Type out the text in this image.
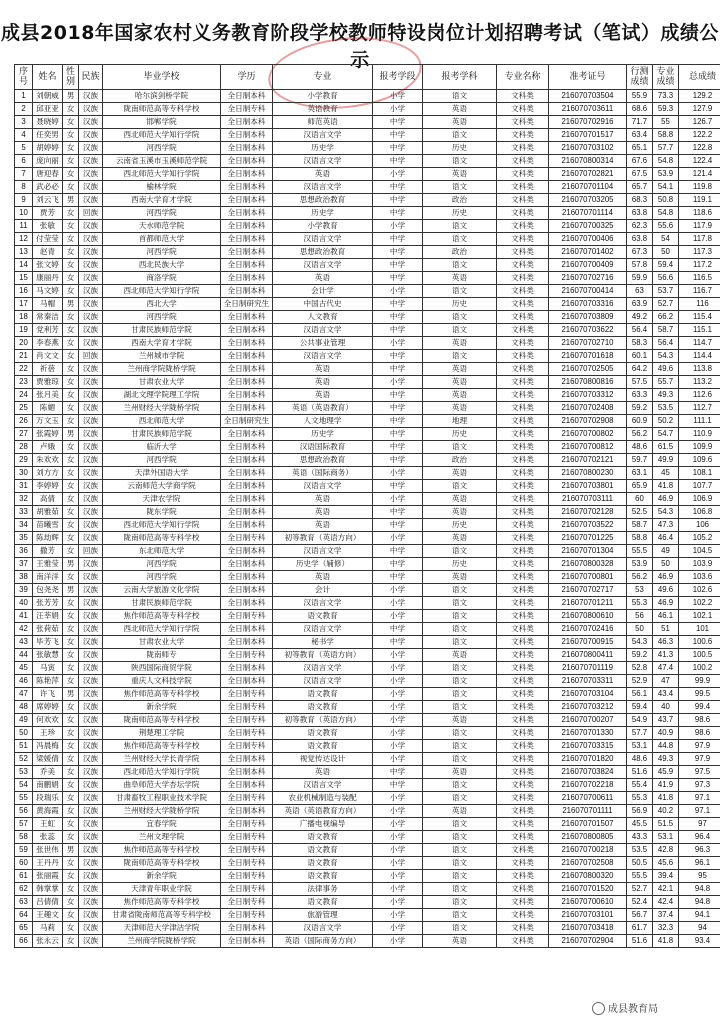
成县2018年国家农村义务教育阶段学校教师特设岗位计划招聘考试（笔试）成绩公示
序号	姓名	性别	民族	毕业学校	学历	专业	报考学段	报考学科	专业名称	准考证号	行测成绩	专业成绩	总成绩
1	刘朝威	男	汉族	哈尔滨剑桥学院	全日制本科	小学教育	小学	语文	文科类	216070703504	55.9	73.3	129.2
2	邱亚亚	女	汉族	陇南师范高等专科学校	全日制专科	英语教育	小学	英语	文科类	216070703611	68.6	59.3	127.9
3	聂晓婷	女	汉族	邯郸学院	全日制本科	师范英语	中学	英语	文科类	216070702916	71.7	55	126.7
4	任奕男	女	汉族	西北师范大学知行学院	全日制本科	汉语言文学	中学	语文	文科类	216070701517	63.4	58.8	122.2
5	胡婷婷	女	汉族	河西学院	全日制本科	历史学	中学	历史	文科类	216070703102	65.1	57.7	122.8
6	庞向丽	女	汉族	云南省玉溪市玉溪师范学院	全日制本科	汉语言文学	中学	语文	文科类	216070800314	67.6	54.8	122.4
7	唐迎春	女	汉族	西北师范大学知行学院	全日制本科	英语	小学	英语	文科类	216070702821	67.5	53.9	121.4
8	武必必	女	汉族	榆林学院	全日制本科	汉语言文学	中学	语文	文科类	216070701104	65.7	54.1	119.8
9	刘云飞	男	汉族	西南大学育才学院	全日制本科	思想政治教育	中学	政治	文科类	216070703205	68.3	50.8	119.1
10	贾芳	女	回族	河西学院	全日制本科	历史学	中学	历史	文科类	216070701114	63.8	54.8	118.6
11	张敏	女	汉族	天水师范学院	全日制本科	小学教育	小学	语文	文科类	216070700325	62.3	55.6	117.9
12	付莹莹	女	汉族	首都师范大学	全日制本科	汉语言文学	中学	语文	文科类	216070700406	63.8	54	117.8
13	赵青	女	汉族	河西学院	全日制本科	思想政治教育	中学	政治	文科类	216070701402	67.3	50	117.3
14	张文婷	女	汉族	西北民族大学	全日制本科	汉语言文学	中学	语文	文科类	216070700409	57.8	59.4	117.2
15	康丽丹	女	汉族	商洛学院	全日制本科	英语	中学	英语	文科类	216070702716	59.9	56.6	116.5
16	马文婷	女	汉族	西北师范大学知行学院	全日制本科	会计学	小学	语文	文科类	216070700414	63	53.7	116.7
17	马帽	男	汉族	西北大学	全日制研究生	中国古代史	中学	历史	文科类	216070703316	63.9	52.7	116
18	常秦洁	女	汉族	河西学院	全日制本科	人文教育	中学	语文	文科类	216070703809	49.2	66.2	115.4
19	党利芳	女	汉族	甘肃民族师范学院	全日制本科	汉语言文学	中学	语文	文科类	216070703622	56.4	58.7	115.1
20	李春燕	女	汉族	西南大学育才学院	全日制本科	公共事业管理	小学	英语	文科类	216070702710	58.3	56.4	114.7
21	肖文文	女	回族	兰州城市学院	全日制本科	汉语言文学	中学	语文	文科类	216070701618	60.1	54.3	114.4
22	祈蓓	女	汉族	兰州商学院陇桥学院	全日制本科	英语	中学	英语	文科类	216070702505	64.2	49.6	113.8
23	贾雅琼	女	汉族	甘肃农业大学	全日制本科	英语	小学	英语	文科类	216070800816	57.5	55.7	113.2
24	张月美	女	汉族	湖北文理学院理工学院	全日制本科	英语	中学	英语	文科类	216070703312	63.3	49.3	112.6
25	陈媚	女	汉族	兰州财经大学陇桥学院	全日制本科	英语（英语教育）	中学	英语	文科类	216070702408	59.2	53.5	112.7
26	万文玉	女	汉族	西北师范大学	全日制研究生	人文地理学	中学	地理	文科类	216070702908	60.9	50.2	111.1
27	张霞婷	男	汉族	甘肃民族师范学院	全日制本科	历史学	中学	历史	文科类	216070700802	56.2	54.7	110.9
28	卢娥	女	汉族	临沂大学	全日制本科	汉语国际教育	中学	语文	文科类	216070700812	48.6	61.5	109.9
29	朱欢欢	女	汉族	河西学院	全日制本科	思想政治教育	中学	政治	文科类	216070702121	59.7	49.9	109.6
30	刘方方	女	汉族	天津外国语大学	全日制本科	英语（国际商务）	小学	英语	文科类	216070800230	63.1	45	108.1
31	李婷婷	女	汉族	云南师范大学商学院	全日制本科	汉语言文学	中学	语文	文科类	216070703801	65.9	41.8	107.7
32	高倩	女	汉族	天津农学院	全日制本科	英语	小学	英语	文科类	216070703111	60	46.9	106.9
33	胡雅茹	女	汉族	陇东学院	全日制本科	英语	中学	英语	文科类	216070702128	52.5	54.3	106.8
34	苗曦雪	女	汉族	西北师范大学知行学院	全日制本科	英语	中学	历史	文科类	216070703522	58.7	47.3	106
35	陈劫辉	女	汉族	陇南师范高等专科学校	全日制专科	初等教育（英语方向）	小学	英语	文科类	216070701225	58.8	46.4	105.2
36	撒芳	女	回族	东北师范大学	全日制本科	汉语言文学	中学	语文	文科类	216070701304	55.5	49	104.5
37	王雅莹	男	汉族	河西学院	全日制本科	历史学（辅修）	中学	历史	文科类	216070800328	53.9	50	103.9
38	南洋洋	女	汉族	河西学院	全日制本科	英语	中学	英语	文科类	216070700801	56.2	46.9	103.6
39	包尧尧	男	汉族	云南大学旅游文化学院	全日制本科	会计	小学	语文	文科类	216070702717	53	49.6	102.6
40	张芳芳	女	汉族	甘肃民族师范学院	全日制本科	汉语言文学	小学	语文	文科类	216070701211	55.3	46.9	102.2
41	汪莘娟	女	汉族	焦作师范高等专科学校	全日制专科	语文教育	小学	语文	文科类	216070800610	56	46.1	102.1
42	张荷茹	女	汉族	西北师范大学知行学院	全日制本科	汉语言文学	中学	语文	文科类	216070702416	50	51	101
43	毕芳飞	女	汉族	甘肃农业大学	全日制本科	秘书学	中学	语文	文科类	216070700915	54.3	46.3	100.6
44	张敏慧	女	汉族	陇南师专	全日制专科	初等教育（英语方向）	小学	英语	文科类	216070800411	59.2	41.3	100.5
45	马寅	女	汉族	陕西国际商贸学院	全日制本科	汉语言文学	小学	语文	文科类	216070701119	52.8	47.4	100.2
46	陈艳萍	女	汉族	重庆人文科技学院	全日制本科	汉语言文学	小学	语文	文科类	216070703311	52.9	47	99.9
47	许飞	男	汉族	焦作师范高等专科学校	全日制专科	语文教育	小学	语文	文科类	216070703104	56.1	43.4	99.5
48	席婷婷	女	汉族	新余学院	全日制专科	语文教育	小学	语文	文科类	216070703212	59.4	40	99.4
49	何欢欢	女	汉族	陇南师范高等专科学校	全日制专科	初等教育（英语方向）	小学	英语	文科类	216070700207	54.9	43.7	98.6
50	王珍	女	汉族	荆楚理工学院	全日制专科	语文教育	小学	语文	文科类	216070701330	57.7	40.9	98.6
51	冯晨梅	女	汉族	焦作师范高等专科学校	全日制专科	语文教育	小学	语文	文科类	216070703315	53.1	44.8	97.9
52	梁媛倩	女	汉族	兰州财经大学长青学院	全日制本科	视觉传达设计	小学	语文	文科类	216070701820	48.6	49.3	97.9
53	乔美	女	汉族	西北师范大学知行学院	全日制本科	英语	中学	英语	文科类	216070703824	51.6	45.9	97.5
54	南鹏娟	女	汉族	曲阜师范大学杏坛学院	全日制本科	汉语言文学	中学	语文	文科类	216070702218	55.4	41.9	97.3
55	段瑞乐	女	汉族	甘肃畜牧工程职业技术学院	全日制专科	农业机械制造与装配	小学	语文	文科类	216070700611	55.3	41.8	97.1
56	黄海霞	女	汉族	兰州财经大学陇桥学院	全日制本科	英语（英语教育方向）	小学	英语	文科类	216070701111	56.9	40.2	97.1
57	王虹	女	汉族	宜春学院	全日制专科	广播电视编导	小学	语文	文科类	216070701507	45.5	51.5	97
58	张蕊	女	汉族	兰州文理学院	全日制专科	语文教育	小学	语文	文科类	216070800805	43.3	53.1	96.4
59	张世伟	男	汉族	焦作师范高等专科学校	全日制专科	语文教育	小学	语文	文科类	216070700218	53.5	42.8	96.3
60	王丹丹	女	汉族	陇南师范高等专科学校	全日制专科	语文教育	小学	语文	文科类	216070702508	50.5	45.6	96.1
61	张丽霞	女	汉族	新余学院	全日制专科	语文教育	小学	语文	文科类	216070800320	55.5	39.4	95
62	韩掌掌	女	汉族	天津青年职业学院	全日制专科	法律事务	小学	语文	文科类	216070701520	52.7	42.1	94.8
63	吕倩倩	女	汉族	焦作师范高等专科学校	全日制专科	语文教育	小学	语文	文科类	216070700610	52.4	42.4	94.8
64	王趣文	女	汉族	甘肃省陇南师范高等专科学校	全日制专科	旅游管理	小学	语文	文科类	216070703101	56.7	37.4	94.1
65	马莉	女	汉族	天津师范大学津沽学院	全日制本科	汉语言文学	小学	语文	文科类	216070703418	61.7	32.3	94
66	张永云	女	汉族	兰州商学院陇桥学院	全日制本科	英语（国际商务方向）	小学	英语	文科类	216070702904	51.6	41.8	93.4
成县教育局
